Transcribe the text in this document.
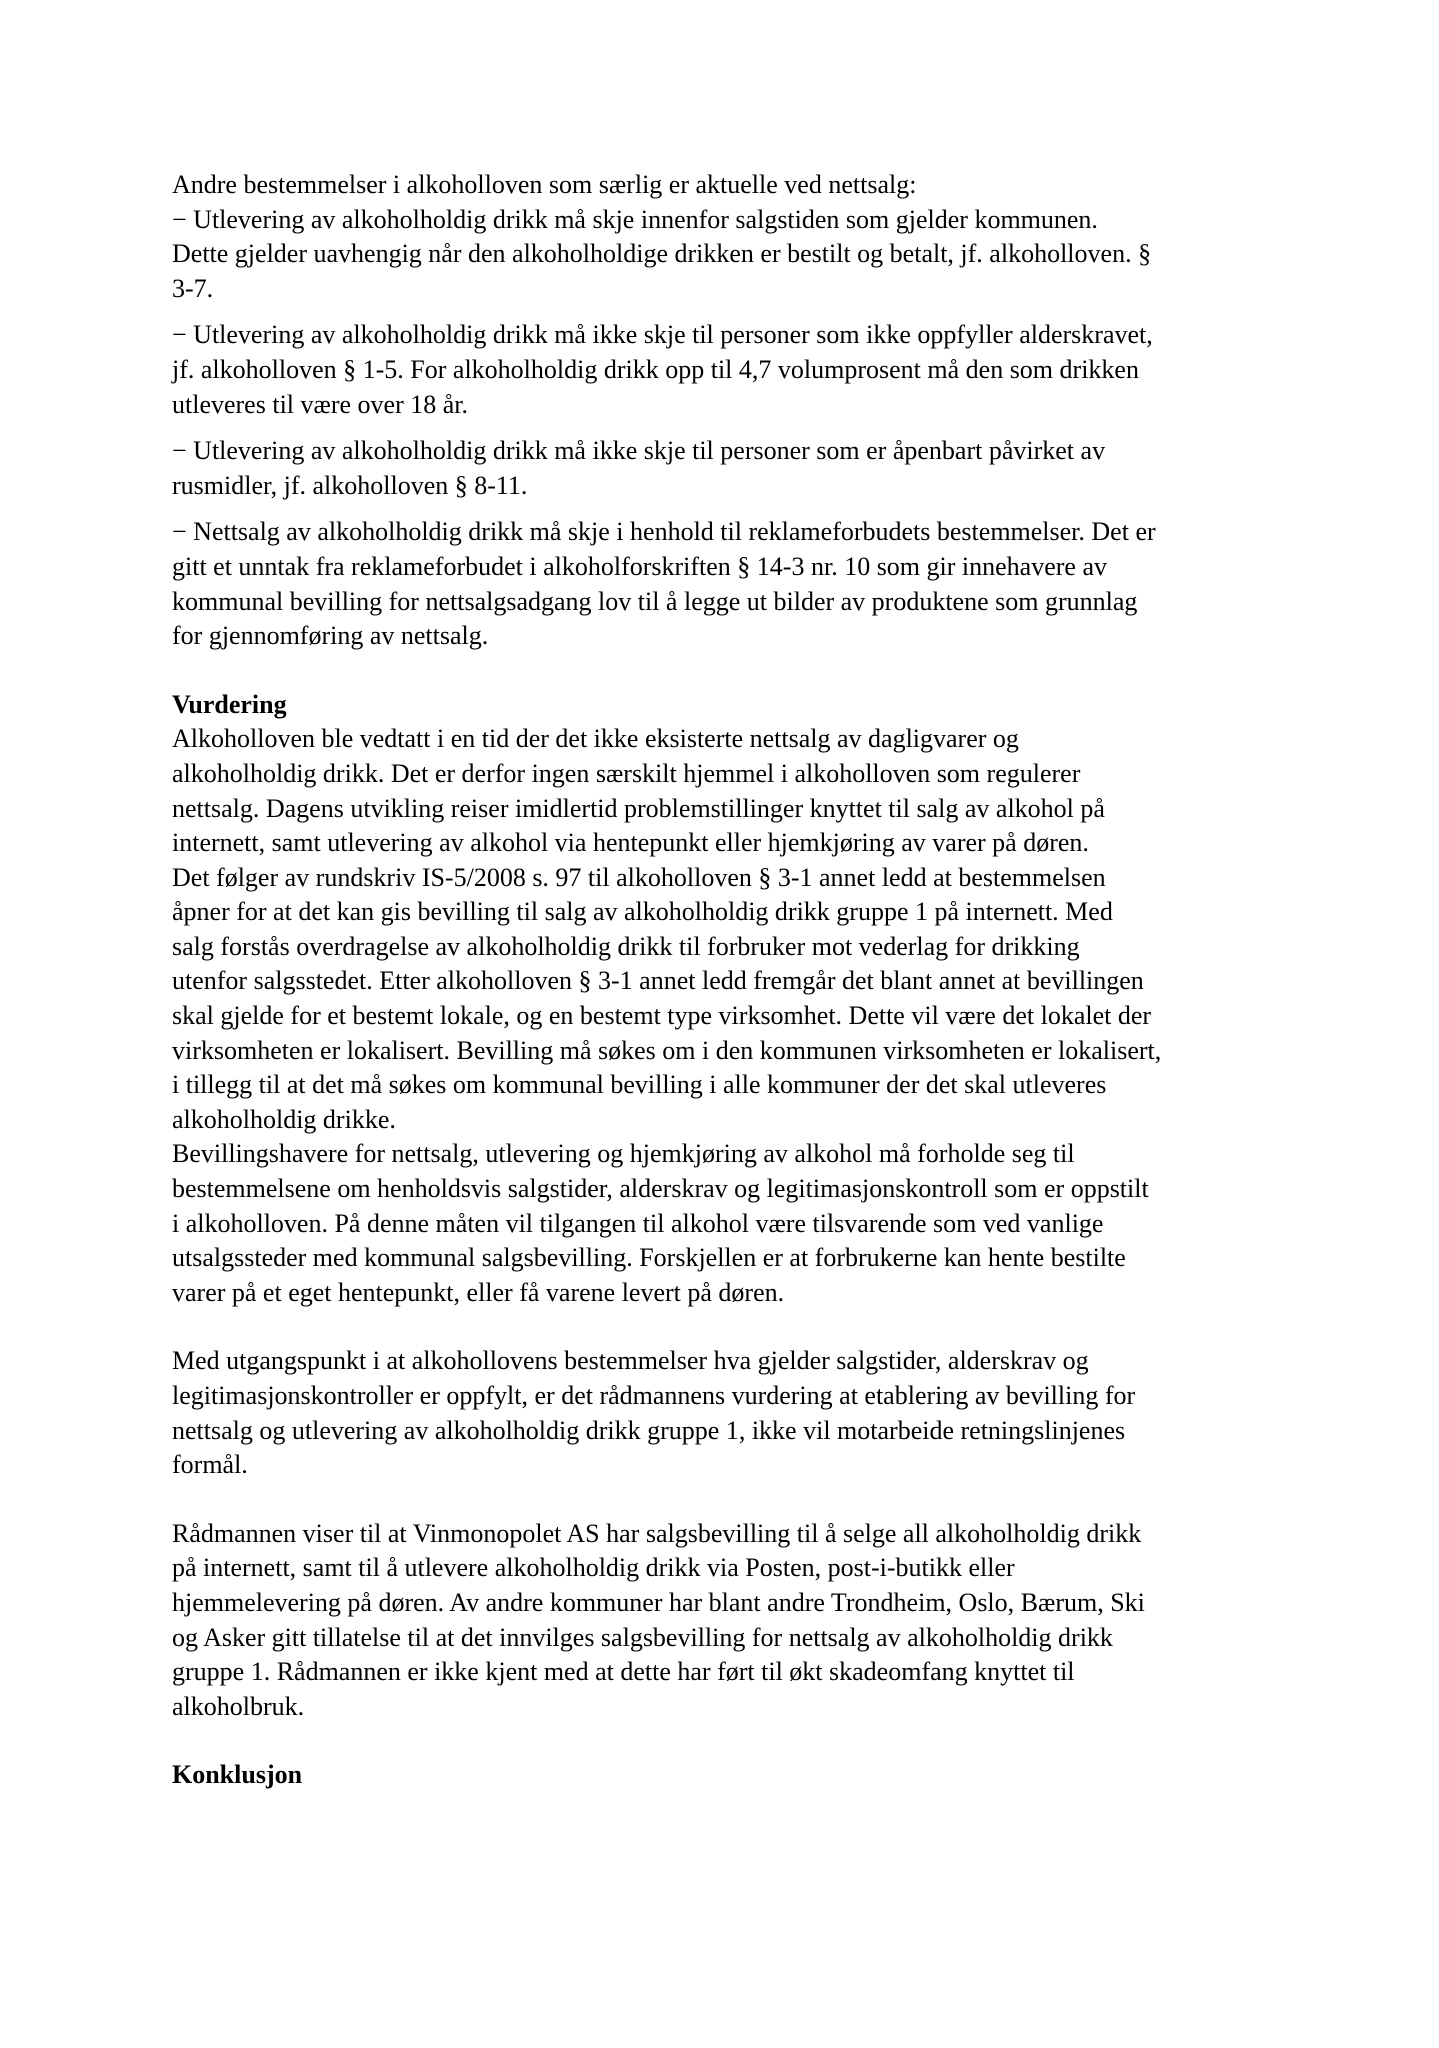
Andre bestemmelser i alkoholloven som særlig er aktuelle ved nettsalg:
− Utlevering av alkoholholdig drikk må skje innenfor salgstiden som gjelder kommunen.
Dette gjelder uavhengig når den alkoholholdige drikken er bestilt og betalt, jf. alkoholloven. §
3-7.
− Utlevering av alkoholholdig drikk må ikke skje til personer som ikke oppfyller alderskravet,
jf. alkoholloven § 1-5. For alkoholholdig drikk opp til 4,7 volumprosent må den som drikken
utleveres til være over 18 år.
− Utlevering av alkoholholdig drikk må ikke skje til personer som er åpenbart påvirket av
rusmidler, jf. alkoholloven § 8-11.
− Nettsalg av alkoholholdig drikk må skje i henhold til reklameforbudets bestemmelser. Det er
gitt et unntak fra reklameforbudet i alkoholforskriften § 14-3 nr. 10 som gir innehavere av
kommunal bevilling for nettsalgsadgang lov til å legge ut bilder av produktene som grunnlag
for gjennomføring av nettsalg.
Vurdering
Alkoholloven ble vedtatt i en tid der det ikke eksisterte nettsalg av dagligvarer og
alkoholholdig drikk. Det er derfor ingen særskilt hjemmel i alkoholloven som regulerer
nettsalg. Dagens utvikling reiser imidlertid problemstillinger knyttet til salg av alkohol på
internett, samt utlevering av alkohol via hentepunkt eller hjemkjøring av varer på døren.
Det følger av rundskriv IS-5/2008 s. 97 til alkoholloven § 3-1 annet ledd at bestemmelsen
åpner for at det kan gis bevilling til salg av alkoholholdig drikk gruppe 1 på internett. Med
salg forstås overdragelse av alkoholholdig drikk til forbruker mot vederlag for drikking
utenfor salgsstedet. Etter alkoholloven § 3-1 annet ledd fremgår det blant annet at bevillingen
skal gjelde for et bestemt lokale, og en bestemt type virksomhet. Dette vil være det lokalet der
virksomheten er lokalisert. Bevilling må søkes om i den kommunen virksomheten er lokalisert,
i tillegg til at det må søkes om kommunal bevilling i alle kommuner der det skal utleveres
alkoholholdig drikke.
Bevillingshavere for nettsalg, utlevering og hjemkjøring av alkohol må forholde seg til
bestemmelsene om henholdsvis salgstider, alderskrav og legitimasjonskontroll som er oppstilt
i alkoholloven. På denne måten vil tilgangen til alkohol være tilsvarende som ved vanlige
utsalgssteder med kommunal salgsbevilling. Forskjellen er at forbrukerne kan hente bestilte
varer på et eget hentepunkt, eller få varene levert på døren.
Med utgangspunkt i at alkohollovens bestemmelser hva gjelder salgstider, alderskrav og
legitimasjonskontroller er oppfylt, er det rådmannens vurdering at etablering av bevilling for
nettsalg og utlevering av alkoholholdig drikk gruppe 1, ikke vil motarbeide retningslinjenes
formål.
Rådmannen viser til at Vinmonopolet AS har salgsbevilling til å selge all alkoholholdig drikk
på internett, samt til å utlevere alkoholholdig drikk via Posten, post-i-butikk eller
hjemmelevering på døren. Av andre kommuner har blant andre Trondheim, Oslo, Bærum, Ski
og Asker gitt tillatelse til at det innvilges salgsbevilling for nettsalg av alkoholholdig drikk
gruppe 1. Rådmannen er ikke kjent med at dette har ført til økt skadeomfang knyttet til
alkoholbruk.
Konklusjon
